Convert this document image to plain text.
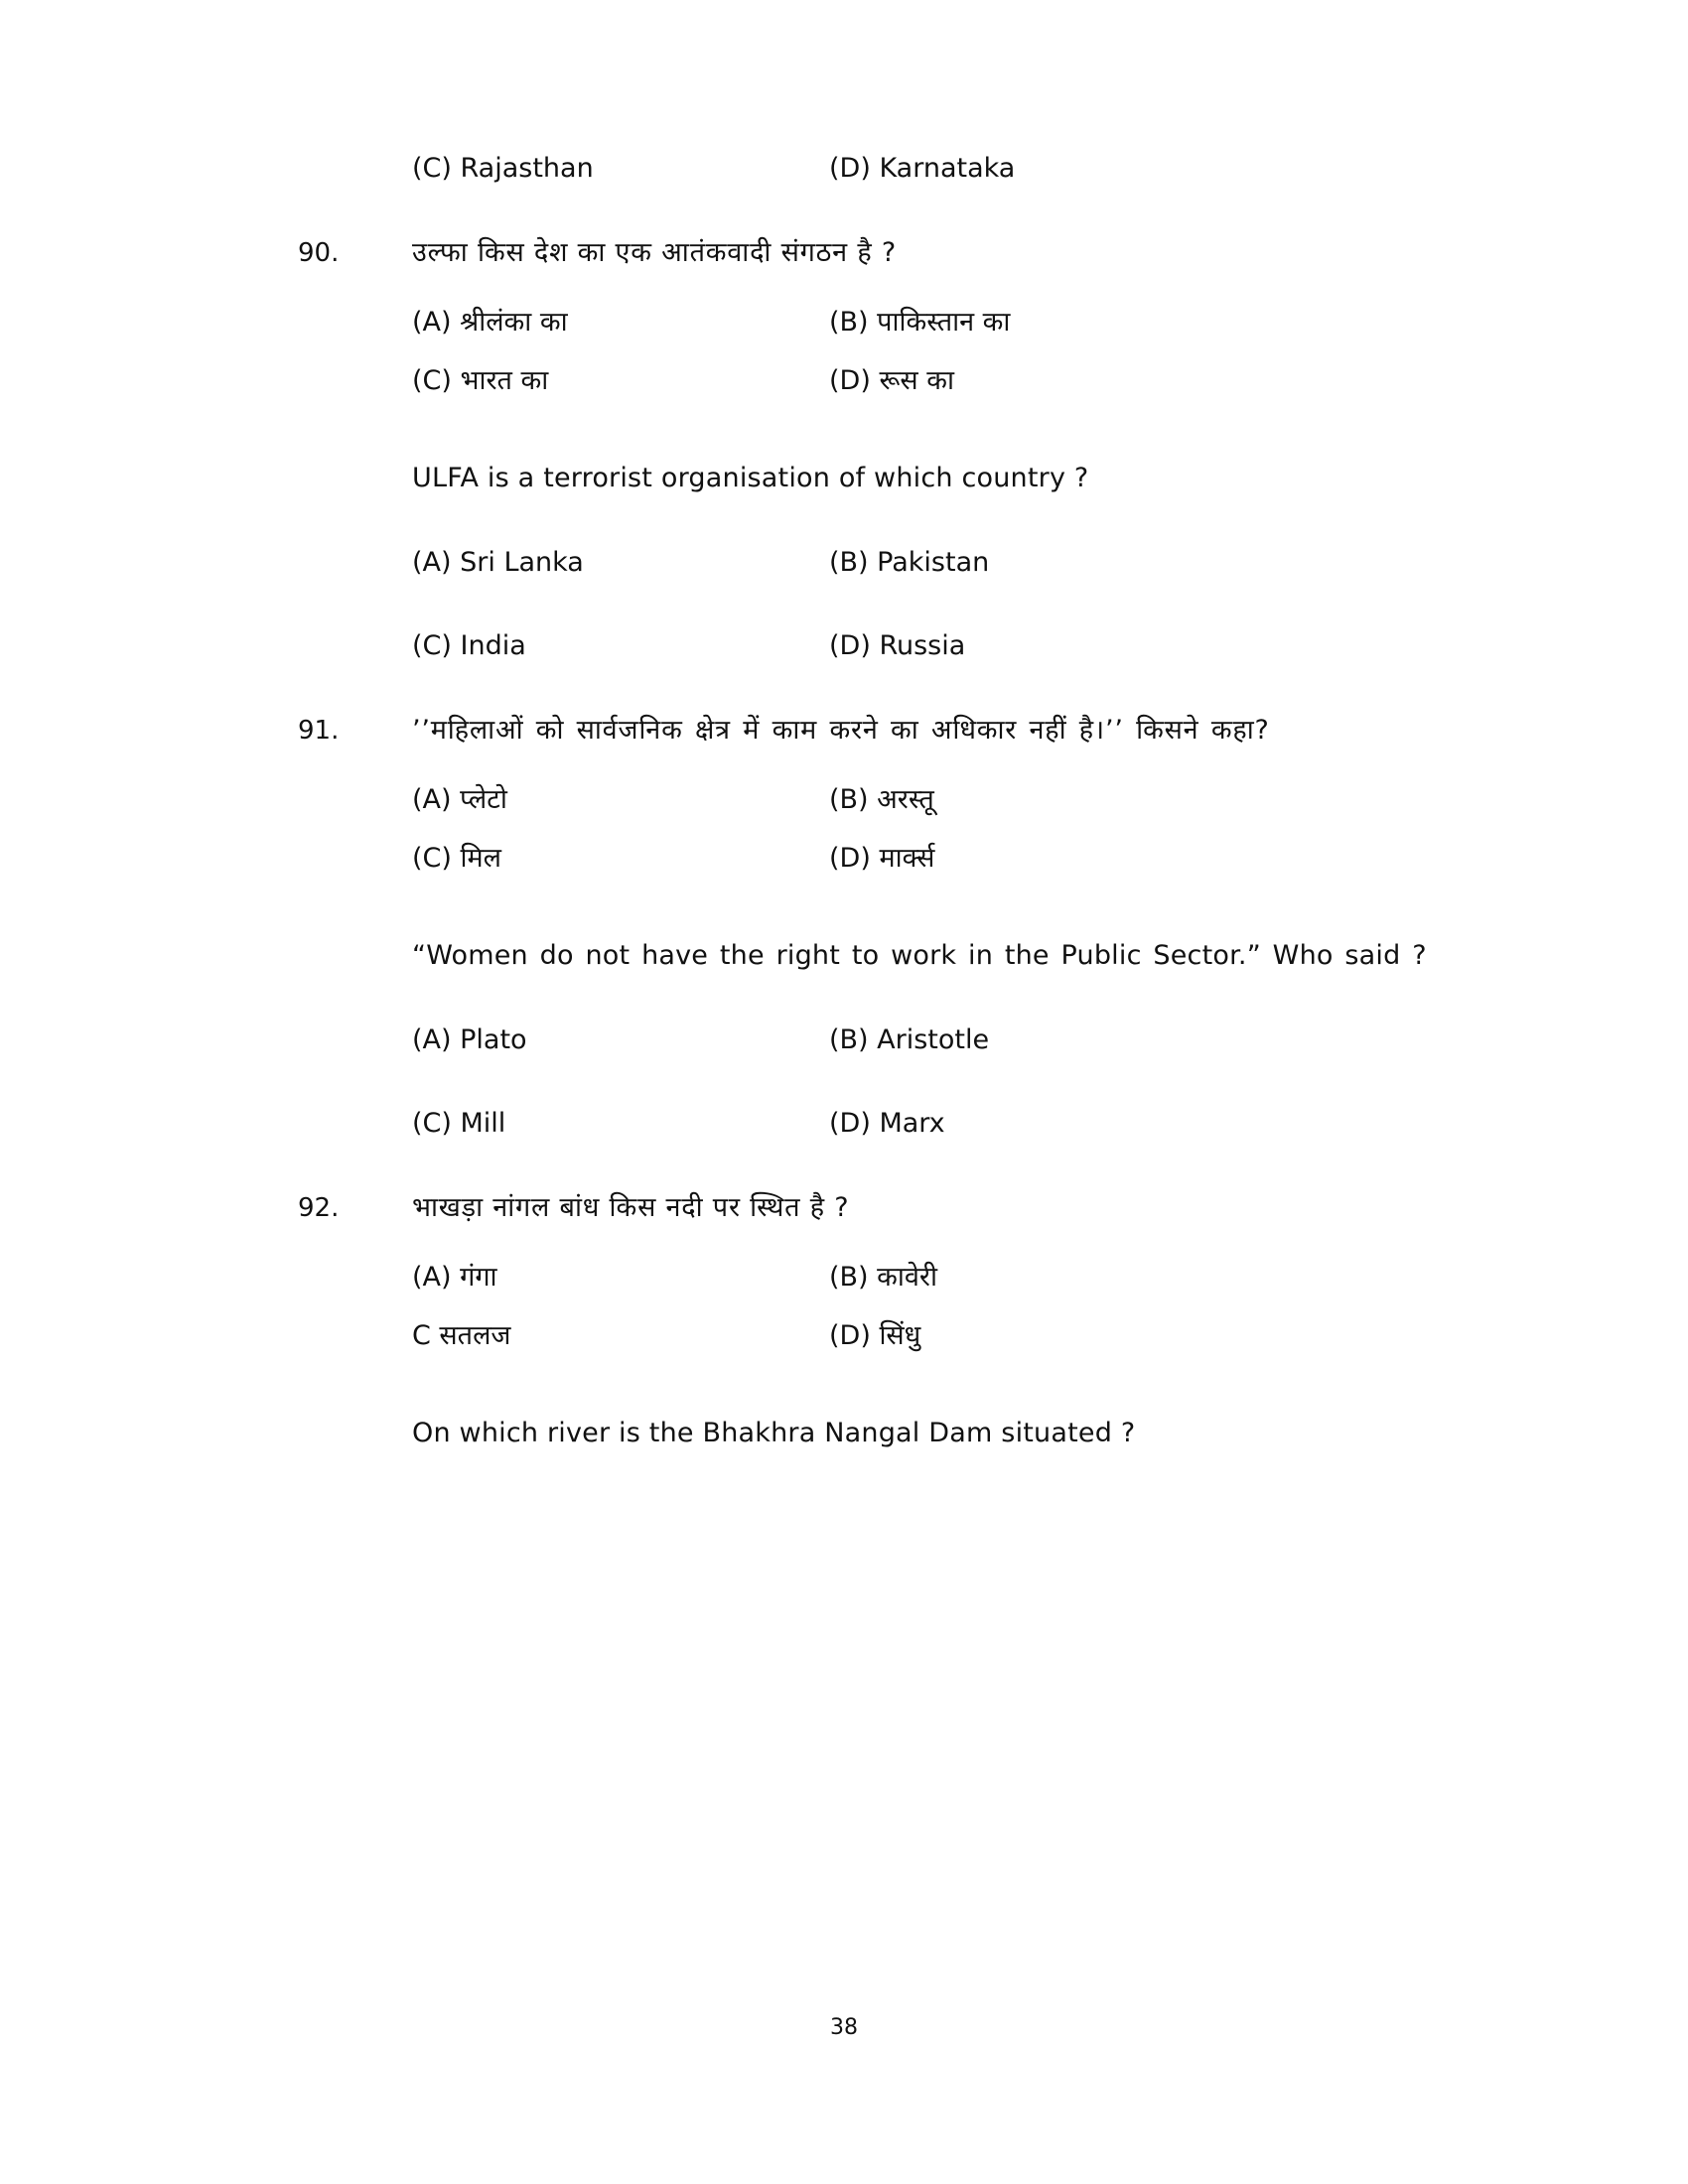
(C) Rajasthan	(D) Karnataka
90.	उल्फा किस देश का एक आतंकवादी संगठन है ?
(A) श्रीलंका का	(B) पाकिस्तान का
(C) भारत का	(D) रूस का
ULFA is a terrorist organisation of which country ?
(A) Sri Lanka	(B) Pakistan
(C) India	(D) Russia
91.	’’महिलाओं को सार्वजनिक क्षेत्र में काम करने का अधिकार नहीं है।’’ किसने कहा?
(A) प्लेटो	(B) अरस्तू
(C) मिल	(D) मार्क्स
“Women do not have the right to work in the Public Sector.” Who said ?
(A) Plato	(B) Aristotle
(C) Mill	(D) Marx
92.	भाखड़ा नांगल बांध किस नदी पर स्थित है ?
(A) गंगा	(B) कावेरी
C सतलज	(D) सिंधु
On which river is the Bhakhra Nangal Dam situated ?
38
